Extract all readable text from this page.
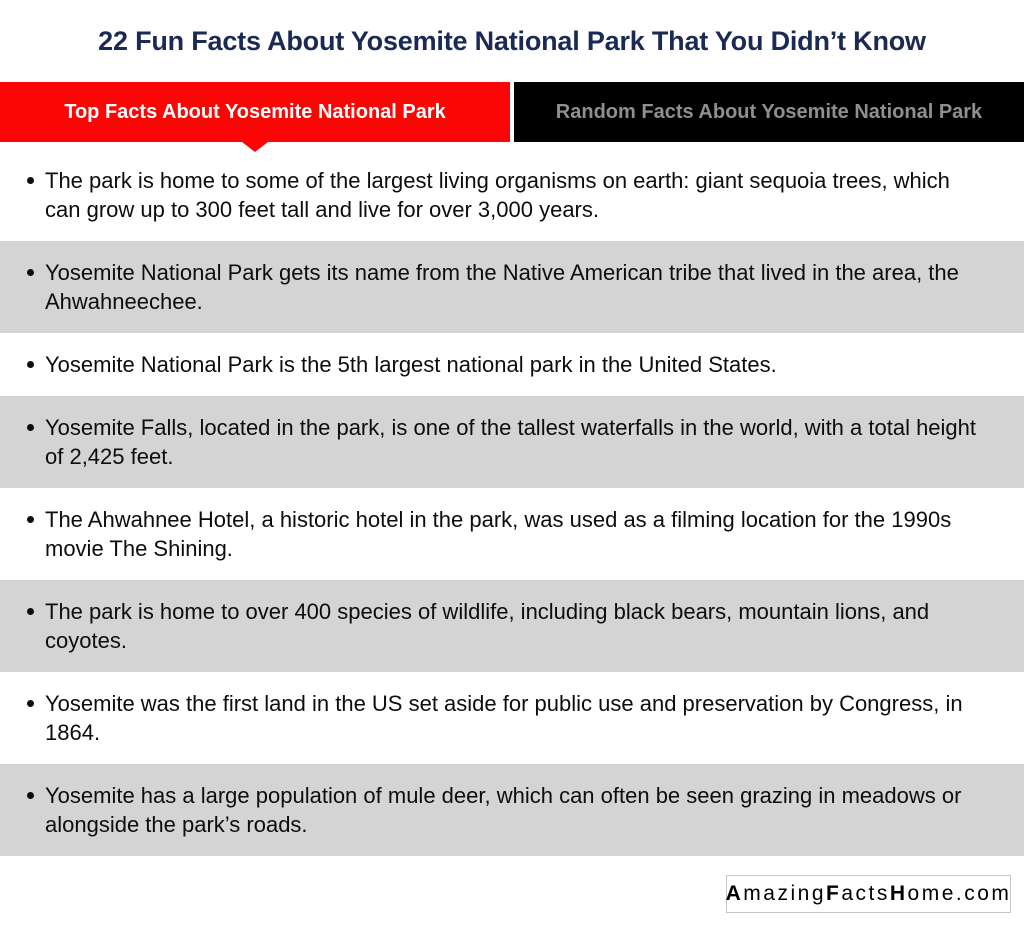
22 Fun Facts About Yosemite National Park That You Didn’t Know
Top Facts About Yosemite National Park	Random Facts About Yosemite National Park
The park is home to some of the largest living organisms on earth: giant sequoia trees, which can grow up to 300 feet tall and live for over 3,000 years.
Yosemite National Park gets its name from the Native American tribe that lived in the area, the Ahwahneechee.
Yosemite National Park is the 5th largest national park in the United States.
Yosemite Falls, located in the park, is one of the tallest waterfalls in the world, with a total height of 2,425 feet.
The Ahwahnee Hotel, a historic hotel in the park, was used as a filming location for the 1990s movie The Shining.
The park is home to over 400 species of wildlife, including black bears, mountain lions, and coyotes.
Yosemite was the first land in the US set aside for public use and preservation by Congress, in 1864.
Yosemite has a large population of mule deer, which can often be seen grazing in meadows or alongside the park’s roads.
A mazing F acts H ome.com
